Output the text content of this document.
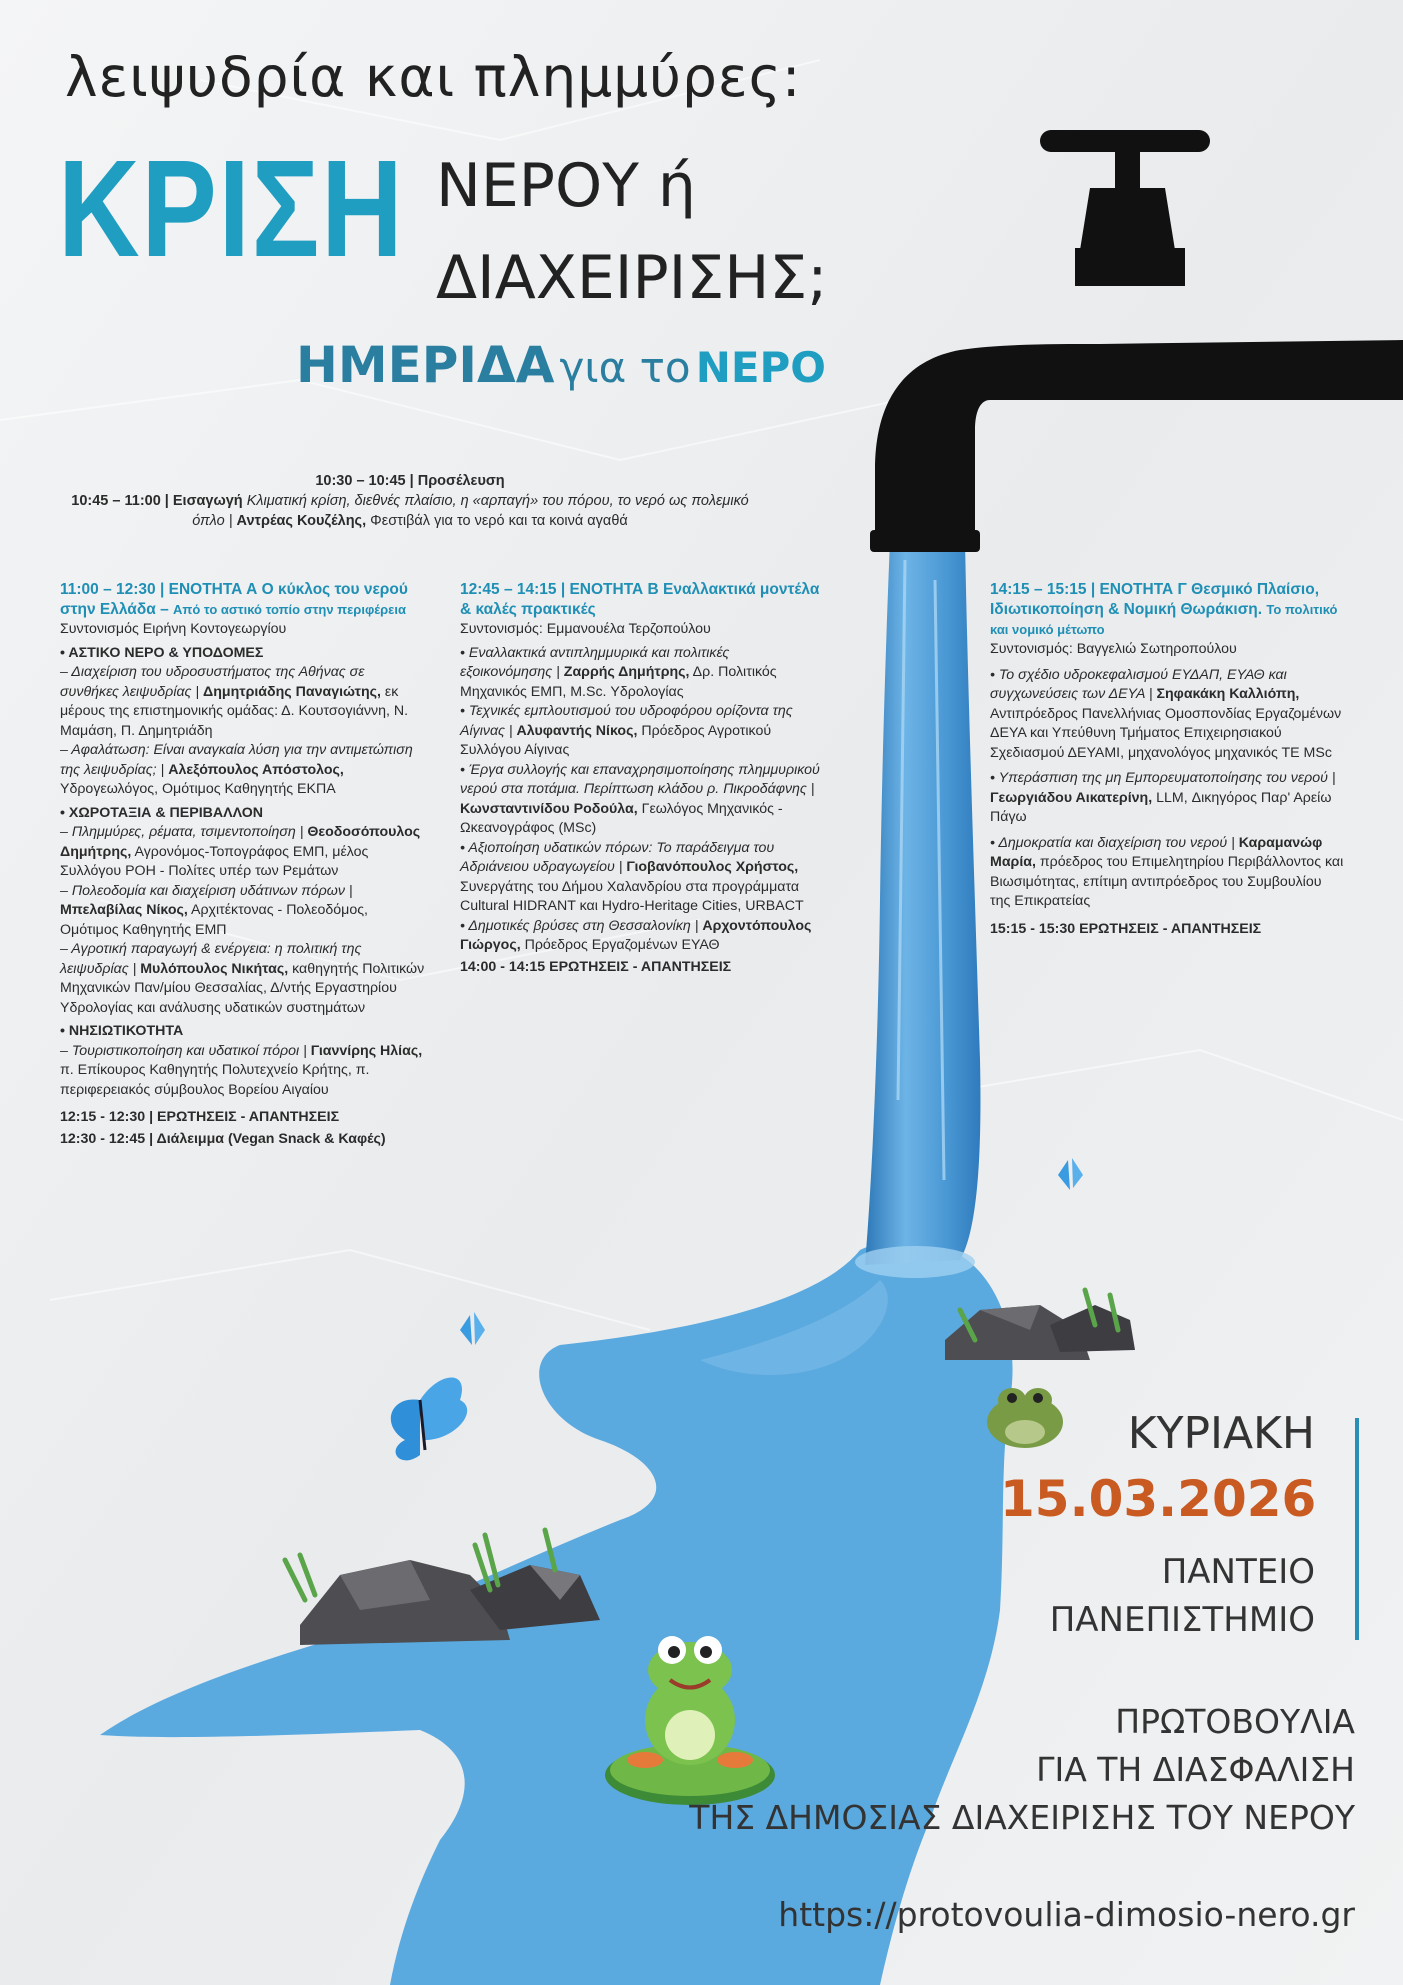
λειψυδρία και πλημμύρες:
ΚΡΙΣΗ ΝΕΡΟΥ ή
ΔΙΑΧΕΙΡΙΣΗΣ;
ΗΜΕΡΙΔΑ για το ΝΕΡΟ
10:30 – 10:45 | Προσέλευση
10:45 – 11:00 | Εισαγωγή Κλιματική κρίση, διεθνές πλαίσιο, η «αρπαγή» του πόρου, το νερό ως πολεμικό όπλο | Αντρέας Κουζέλης, Φεστιβάλ για το νερό και τα κοινά αγαθά
11:00 – 12:30 | ΕΝΟΤΗΤΑ Α Ο κύκλος του νερού στην Ελλάδα – Από το αστικό τοπίο στην περιφέρεια
Συντονισμός Ειρήνη Κοντογεωργίου
• ΑΣΤΙΚΟ ΝΕΡΟ & ΥΠΟΔΟΜΕΣ
– Διαχείριση του υδροσυστήματος της Αθήνας σε συνθήκες λειψυδρίας | Δημητριάδης Παναγιώτης, εκ μέρους της επιστημονικής ομάδας: Δ. Κουτσογιάννη, Ν. Μαμάση, Π. Δημητριάδη
– Αφαλάτωση: Είναι αναγκαία λύση για την αντιμετώπιση της λειψυδρίας; | Αλεξόπουλος Απόστολος, Υδρογεωλόγος, Ομότιμος Καθηγητής ΕΚΠΑ
• ΧΩΡΟΤΑΞΙΑ & ΠΕΡΙΒΑΛΛΟΝ
– Πλημμύρες, ρέματα, τσιμεντοποίηση | Θεοδοσόπουλος Δημήτρης, Αγρονόμος-Τοπογράφος ΕΜΠ, μέλος Συλλόγου ΡΟΗ - Πολίτες υπέρ των Ρεμάτων
– Πολεοδομία και διαχείριση υδάτινων πόρων | Μπελαβίλας Νίκος, Αρχιτέκτονας - Πολεοδόμος, Ομότιμος Καθηγητής ΕΜΠ
– Αγροτική παραγωγή & ενέργεια: η πολιτική της λειψυδρίας | Μυλόπουλος Νικήτας, καθηγητής Πολιτικών Μηχανικών Παν/μίου Θεσσαλίας, Δ/ντής Εργαστηρίου Υδρολογίας και ανάλυσης υδατικών συστημάτων
• ΝΗΣΙΩΤΙΚΟΤΗΤΑ
– Τουριστικοποίηση και υδατικοί πόροι | Γιανvίρης Ηλίας, π. Επίκουρος Καθηγητής Πολυτεχνείο Κρήτης, π. περιφερειακός σύμβουλος Βορείου Αιγαίου
12:15 - 12:30 | ΕΡΩΤΗΣΕΙΣ - ΑΠΑΝΤΗΣΕΙΣ
12:30 - 12:45 | Διάλειμμα (Vegan Snack & Καφές)
12:45 – 14:15 | ΕΝΟΤΗΤΑ Β Εναλλακτικά μοντέλα & καλές πρακτικές
Συντονισμός: Εμμανουέλα Τερζοπούλου
• Εναλλακτικά αντιπλημμυρικά και πολιτικές εξοικονόμησης | Ζαρρής Δημήτρης, Δρ. Πολιτικός Μηχανικός ΕΜΠ, M.Sc. Υδρολογίας
• Τεχνικές εμπλουτισμού του υδροφόρου ορίζοντα της Αίγινας | Αλυφαντής Νίκος, Πρόεδρος Αγροτικού Συλλόγου Αίγινας
• Έργα συλλογής και επαναχρησιμοποίησης πλημμυρικού νερού στα ποτάμια. Περίπτωση κλάδου ρ. Πικροδάφνης | Κωνσταντινίδου Ροδούλα, Γεωλόγος Μηχανικός - Ωκεανογράφος (MSc)
• Αξιοποίηση υδατικών πόρων: Το παράδειγμα του Αδριάνειου υδραγωγείου | Γιοβανόπουλος Χρήστος, Συνεργάτης του Δήμου Χαλανδρίου στα προγράμματα Cultural HIDRANT και Hydro-Heritage Cities, URBACT
• Δημοτικές βρύσες στη Θεσσαλονίκη | Αρχοντόπουλος Γιώργος, Πρόεδρος Εργαζομένων ΕΥΑΘ
14:00 - 14:15 ΕΡΩΤΗΣΕΙΣ - ΑΠΑΝΤΗΣΕΙΣ
14:15 – 15:15 | ΕΝΟΤΗΤΑ Γ Θεσμικό Πλαίσιο, Ιδιωτικοποίηση & Νομική Θωράκιση. Το πολιτικό και νομικό μέτωπο
Συντονισμός: Βαγγελιώ Σωτηροπούλου
• Το σχέδιο υδροκεφαλισμού ΕΥΔΑΠ, ΕΥΑΘ και συγχωνεύσεις των ΔΕΥΑ | Σηφακάκη Καλλιόπη, Αντιπρόεδρος Πανελλήνιας Ομοσπονδίας Εργαζομένων ΔΕΥΑ και Υπεύθυνη Τμήματος Επιχειρησιακού Σχεδιασμού ΔΕΥΑΜΙ, μηχανολόγος μηχανικός ΤΕ MSc
• Υπεράσπιση της μη Εμπορευματοποίησης του νερού | Γεωργιάδου Αικατερίνη, LLM, Δικηγόρος Παρ' Αρείω Πάγω
• Δημοκρατία και διαχείριση του νερού | Καραμανώφ Μαρία, πρόεδρος του Επιμελητηρίου Περιβάλλοντος και Βιωσιμότητας, επίτιμη αντιπρόεδρος του Συμβουλίου της Επικρατείας
15:15 - 15:30 ΕΡΩΤΗΣΕΙΣ - ΑΠΑΝΤΗΣΕΙΣ
ΚΥΡΙΑΚΗ
15.03.2026
ΠΑΝΤΕΙΟ
ΠΑΝΕΠΙΣΤΗΜΙΟ
ΠΡΩΤΟΒΟΥΛΙΑ
ΓΙΑ ΤΗ ΔΙΑΣΦΑΛΙΣΗ
ΤΗΣ ΔΗΜΟΣΙΑΣ ΔΙΑΧΕΙΡΙΣΗΣ ΤΟΥ ΝΕΡΟΥ
https://protovoulia-dimosio-nero.gr
